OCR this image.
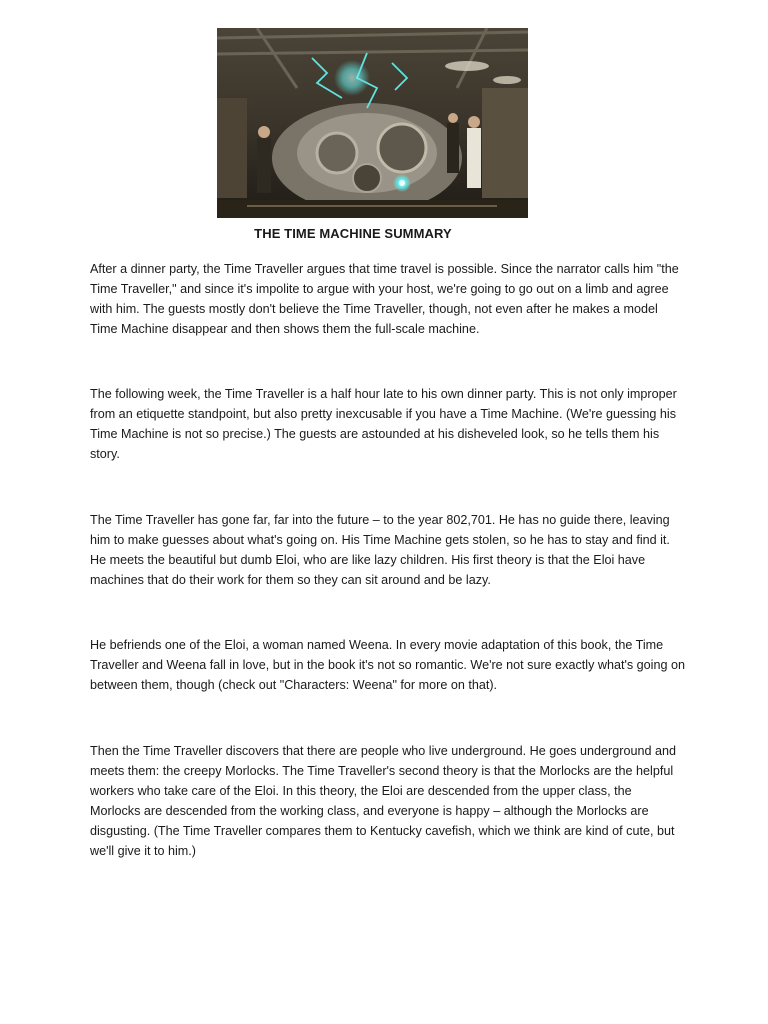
THE TIME MACHINE SUMMARY

After a dinner party, the Time Traveller argues that time travel is possible. Since the narrator calls him "the Time Traveller," and since it's impolite to argue with your host, we're going to go out on a limb and agree with him. The guests mostly don't believe the Time Traveller, though, not even after he makes a model Time Machine disappear and then shows them the full-scale machine.

The following week, the Time Traveller is a half hour late to his own dinner party. This is not only improper from an etiquette standpoint, but also pretty inexcusable if you have a Time Machine. (We're guessing his Time Machine is not so precise.) The guests are astounded at his disheveled look, so he tells them his story.

The Time Traveller has gone far, far into the future – to the year 802,701. He has no guide there, leaving him to make guesses about what's going on. His Time Machine gets stolen, so he has to stay and find it. He meets the beautiful but dumb Eloi, who are like lazy children. His first theory is that the Eloi have machines that do their work for them so they can sit around and be lazy.

He befriends one of the Eloi, a woman named Weena. In every movie adaptation of this book, the Time Traveller and Weena fall in love, but in the book it's not so romantic. We're not sure exactly what's going on between them, though (check out "Characters: Weena" for more on that).

Then the Time Traveller discovers that there are people who live underground. He goes underground and meets them: the creepy Morlocks. The Time Traveller's second theory is that the Morlocks are the helpful workers who take care of the Eloi. In this theory, the Eloi are descended from the upper class, the Morlocks are descended from the working class, and everyone is happy – although the Morlocks are disgusting. (The Time Traveller compares them to Kentucky cavefish, which we think are kind of cute, but we'll give it to him.)
